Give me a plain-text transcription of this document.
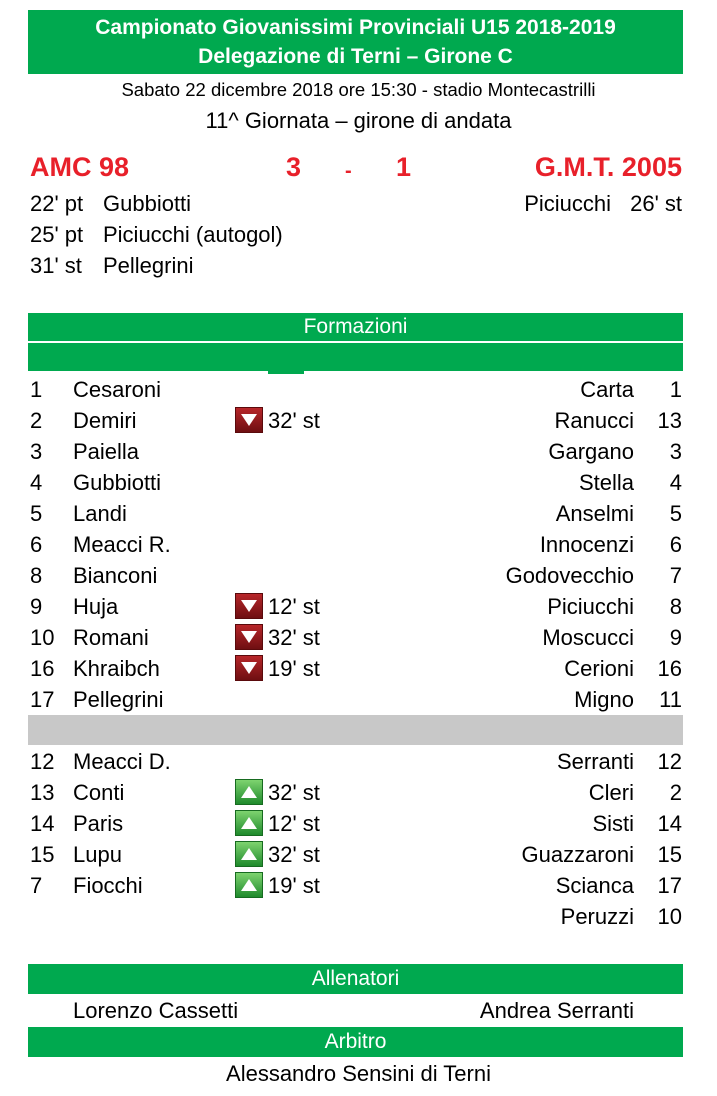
Campionato Giovanissimi Provinciali U15 2018-2019
Delegazione di Terni – Girone C
Sabato 22 dicembre 2018 ore 15:30 - stadio Montecastrilli
11^ Giornata – girone di andata
AMC 98	3 - 1	G.M.T. 2005
22' pt Gubbiotti
25' pt Piciucchi (autogol)
31' st Pellegrini
Piciucchi 26' st
Formazioni
1 Cesaroni	Carta 1
2 Demiri	32' st	Ranucci 13
3 Paiella	Gargano 3
4 Gubbiotti	Stella 4
5 Landi	Anselmi 5
6 Meacci R.	Innocenzi 6
8 Bianconi	Godovecchio 7
9 Huja	12' st	Piciucchi 8
10 Romani	32' st	Moscucci 9
16 Khraibch	19' st	Cerioni 16
17 Pellegrini	Migno 11
12 Meacci D.	Serranti 12
13 Conti	32' st	Cleri 2
14 Paris	12' st	Sisti 14
15 Lupu	32' st	Guazzaroni 15
7 Fiocchi	19' st	Scianca 17
Peruzzi 10
Allenatori
Lorenzo Cassetti	Andrea Serranti
Arbitro
Alessandro Sensini di Terni
